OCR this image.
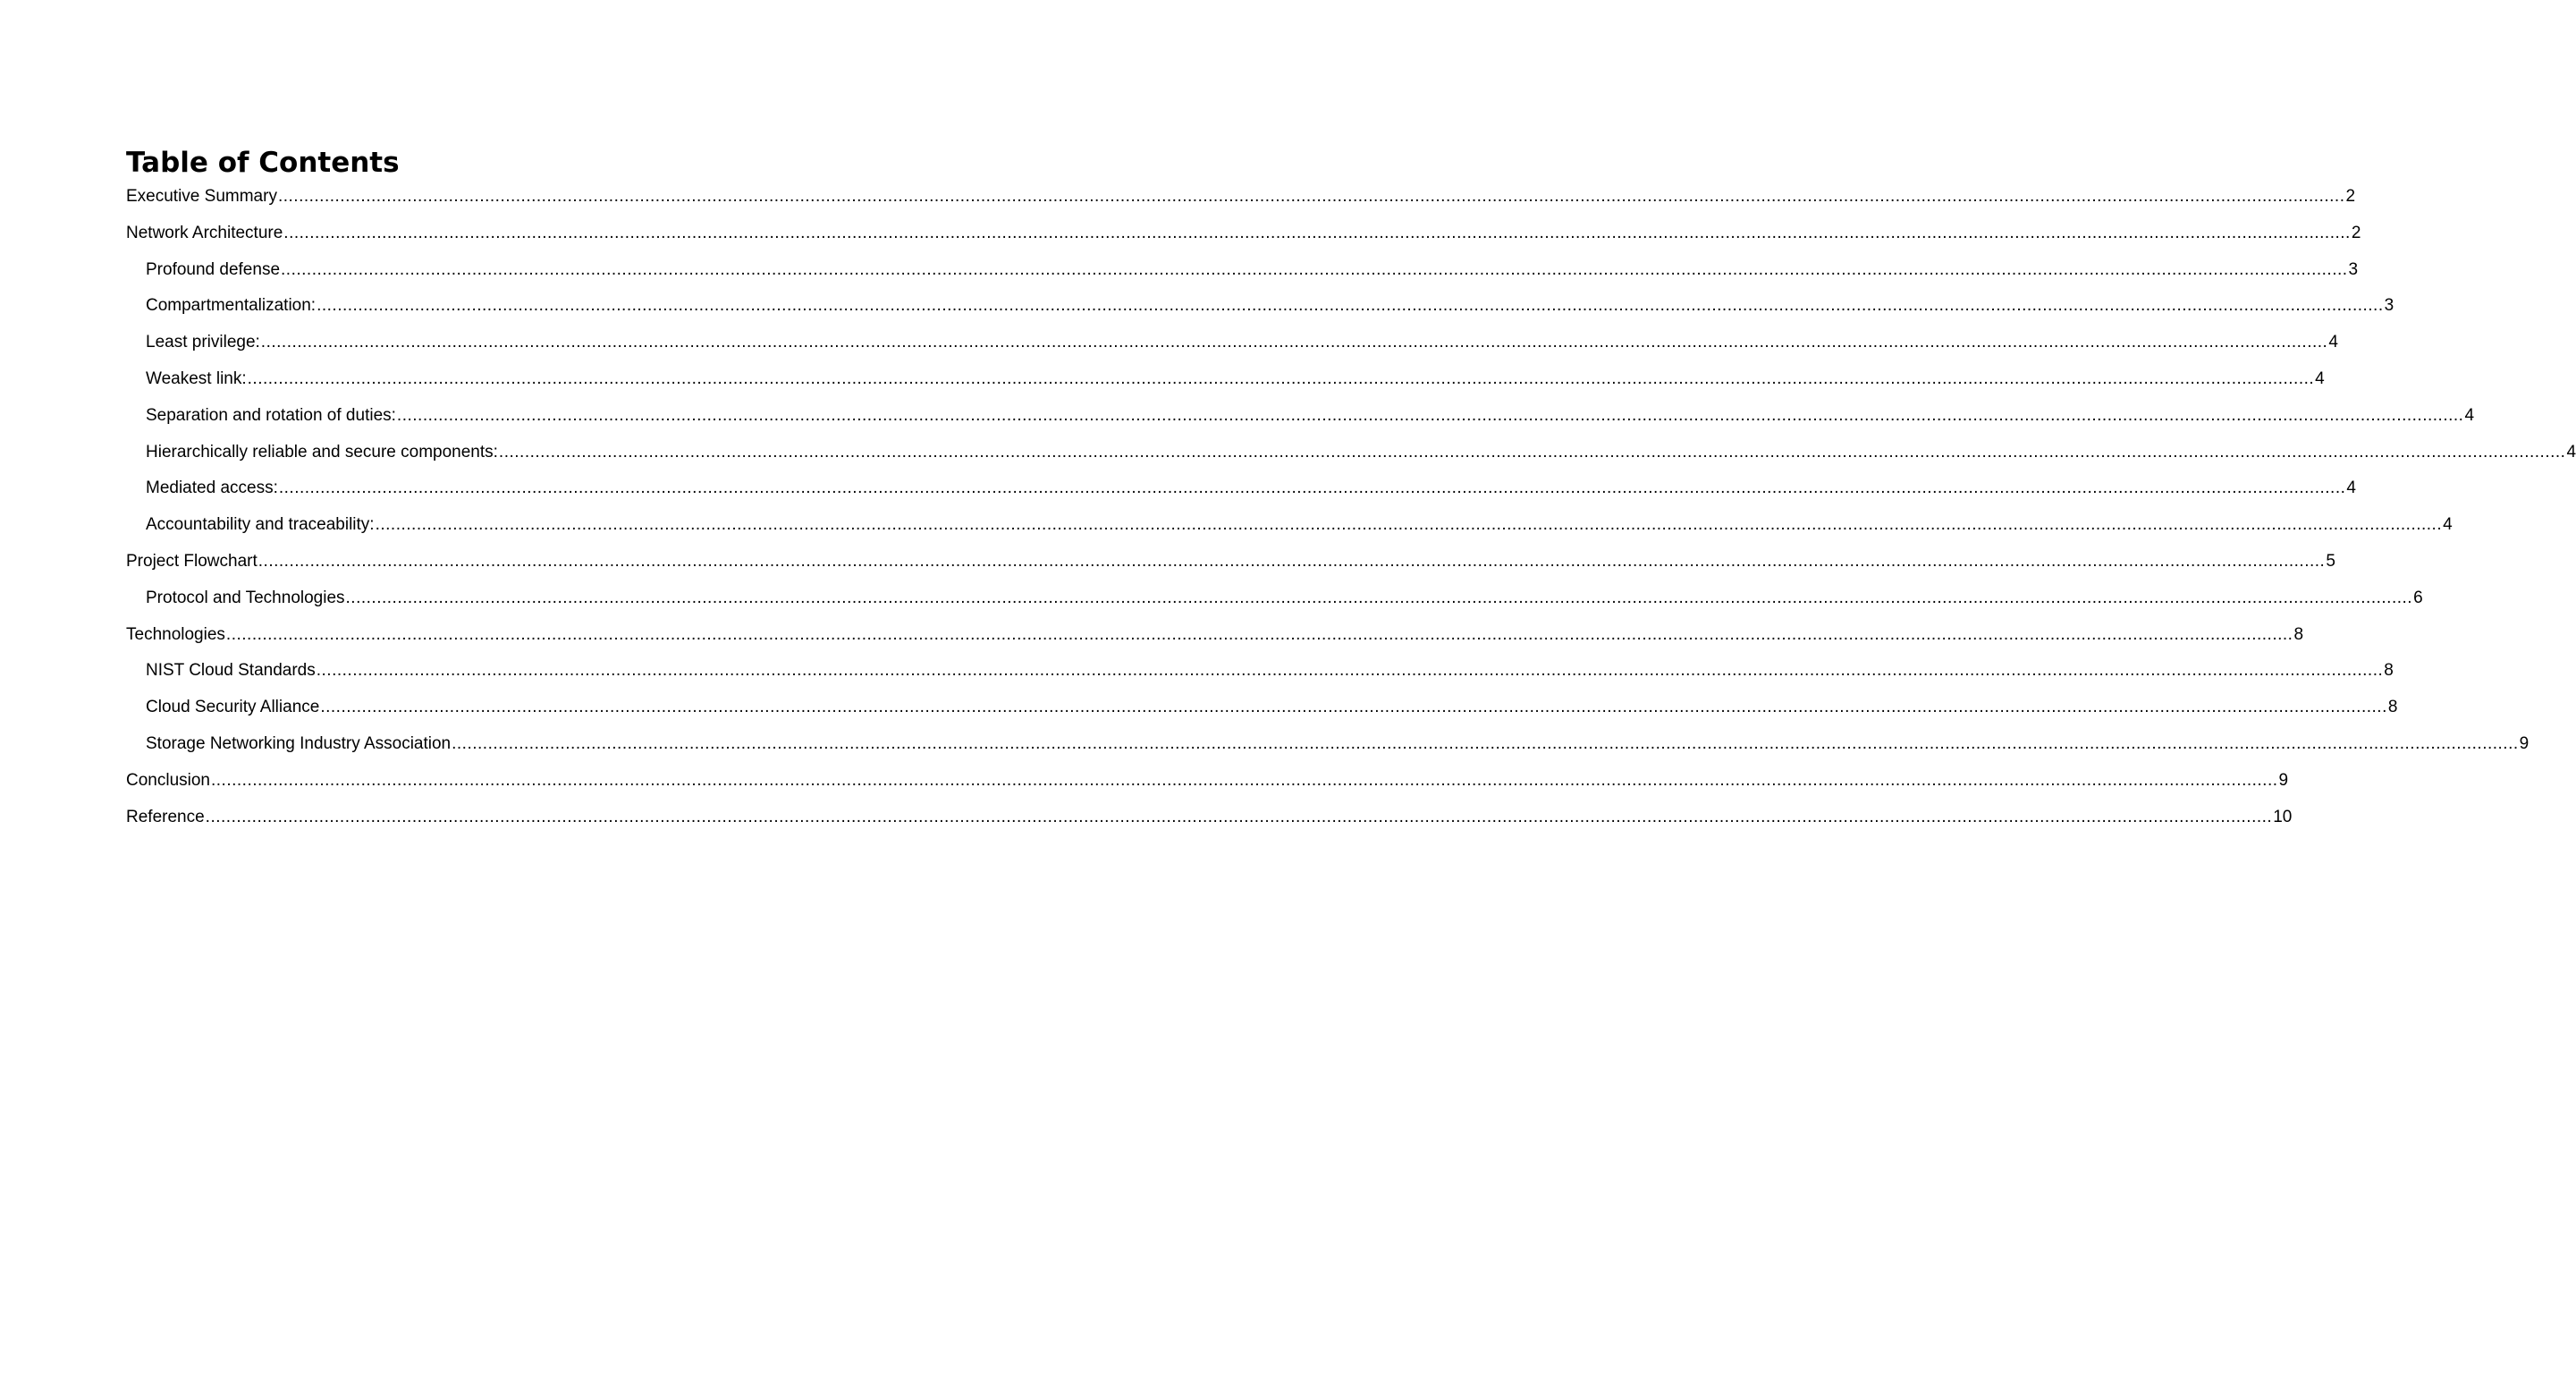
Table of Contents
Executive Summary ................................................................................................................................................................................................................................................................................................................................................................................................................ 2
Network Architecture ................................................................................................................................................................................................................................................................................................................................................................................................................ 2
Profound defense ................................................................................................................................................................................................................................................................................................................................................................................................................ 3
Compartmentalization: ................................................................................................................................................................................................................................................................................................................................................................................................................ 3
Least privilege: ................................................................................................................................................................................................................................................................................................................................................................................................................ 4
Weakest link: ................................................................................................................................................................................................................................................................................................................................................................................................................ 4
Separation and rotation of duties: ................................................................................................................................................................................................................................................................................................................................................................................................................ 4
Hierarchically reliable and secure components: ................................................................................................................................................................................................................................................................................................................................................................................................................ 4
Mediated access: ................................................................................................................................................................................................................................................................................................................................................................................................................ 4
Accountability and traceability: ................................................................................................................................................................................................................................................................................................................................................................................................................ 4
Project Flowchart ................................................................................................................................................................................................................................................................................................................................................................................................................ 5
Protocol and Technologies ................................................................................................................................................................................................................................................................................................................................................................................................................ 6
Technologies ................................................................................................................................................................................................................................................................................................................................................................................................................ 8
NIST Cloud Standards ................................................................................................................................................................................................................................................................................................................................................................................................................ 8
Cloud Security Alliance ................................................................................................................................................................................................................................................................................................................................................................................................................ 8
Storage Networking Industry Association ................................................................................................................................................................................................................................................................................................................................................................................................................ 9
Conclusion ................................................................................................................................................................................................................................................................................................................................................................................................................ 9
Reference ................................................................................................................................................................................................................................................................................................................................................................................................................ 10
